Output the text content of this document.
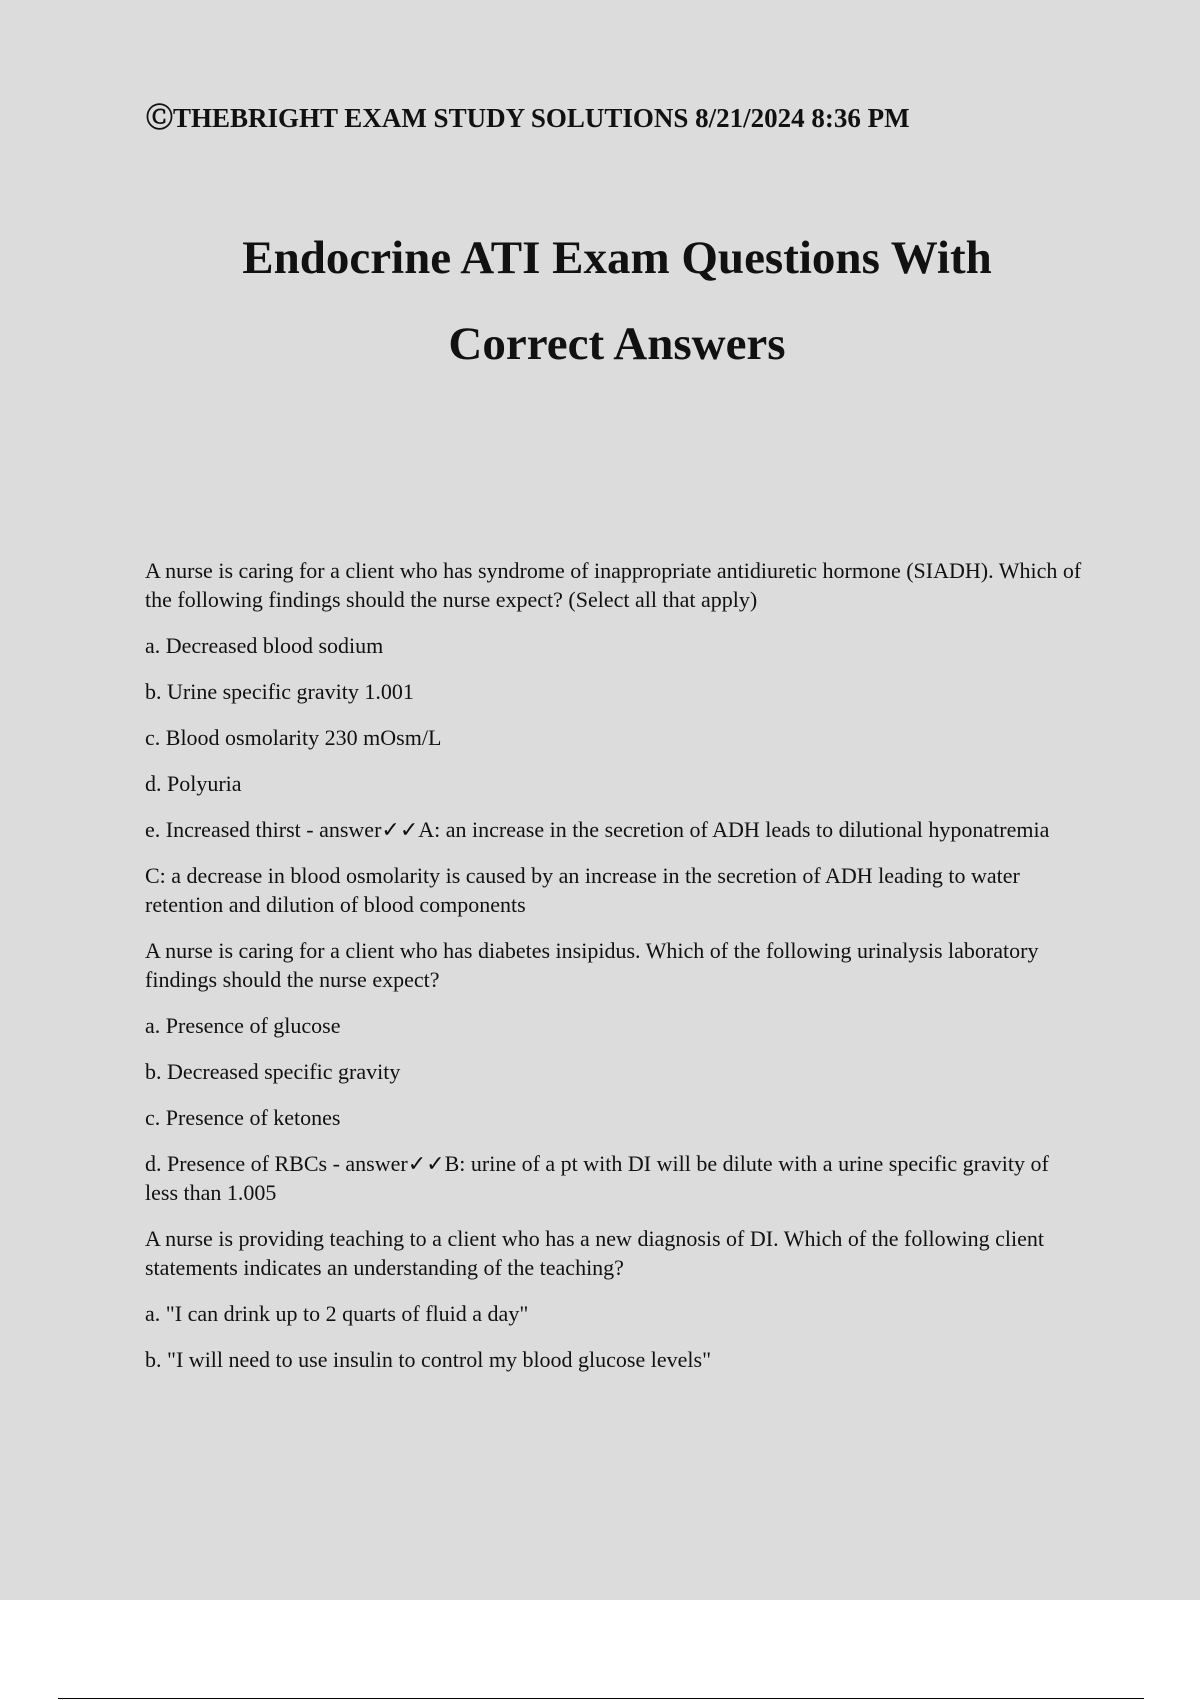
ⒸTHEBRIGHT EXAM STUDY SOLUTIONS 8/21/2024 8:36 PM
Endocrine ATI Exam Questions With
Correct Answers

A nurse is caring for a client who has syndrome of inappropriate antidiuretic hormone (SIADH). Which of the following findings should the nurse expect? (Select all that apply)

a. Decreased blood sodium

b. Urine specific gravity 1.001

c. Blood osmolarity 230 mOsm/L

d. Polyuria

e. Increased thirst - answer✓✓A: an increase in the secretion of ADH leads to dilutional hyponatremia

C: a decrease in blood osmolarity is caused by an increase in the secretion of ADH leading to water retention and dilution of blood components

A nurse is caring for a client who has diabetes insipidus. Which of the following urinalysis laboratory findings should the nurse expect?

a. Presence of glucose

b. Decreased specific gravity

c. Presence of ketones

d. Presence of RBCs - answer✓✓B: urine of a pt with DI will be dilute with a urine specific gravity of less than 1.005

A nurse is providing teaching to a client who has a new diagnosis of DI. Which of the following client statements indicates an understanding of the teaching?

a. "I can drink up to 2 quarts of fluid a day"

b. "I will need to use insulin to control my blood glucose levels"
